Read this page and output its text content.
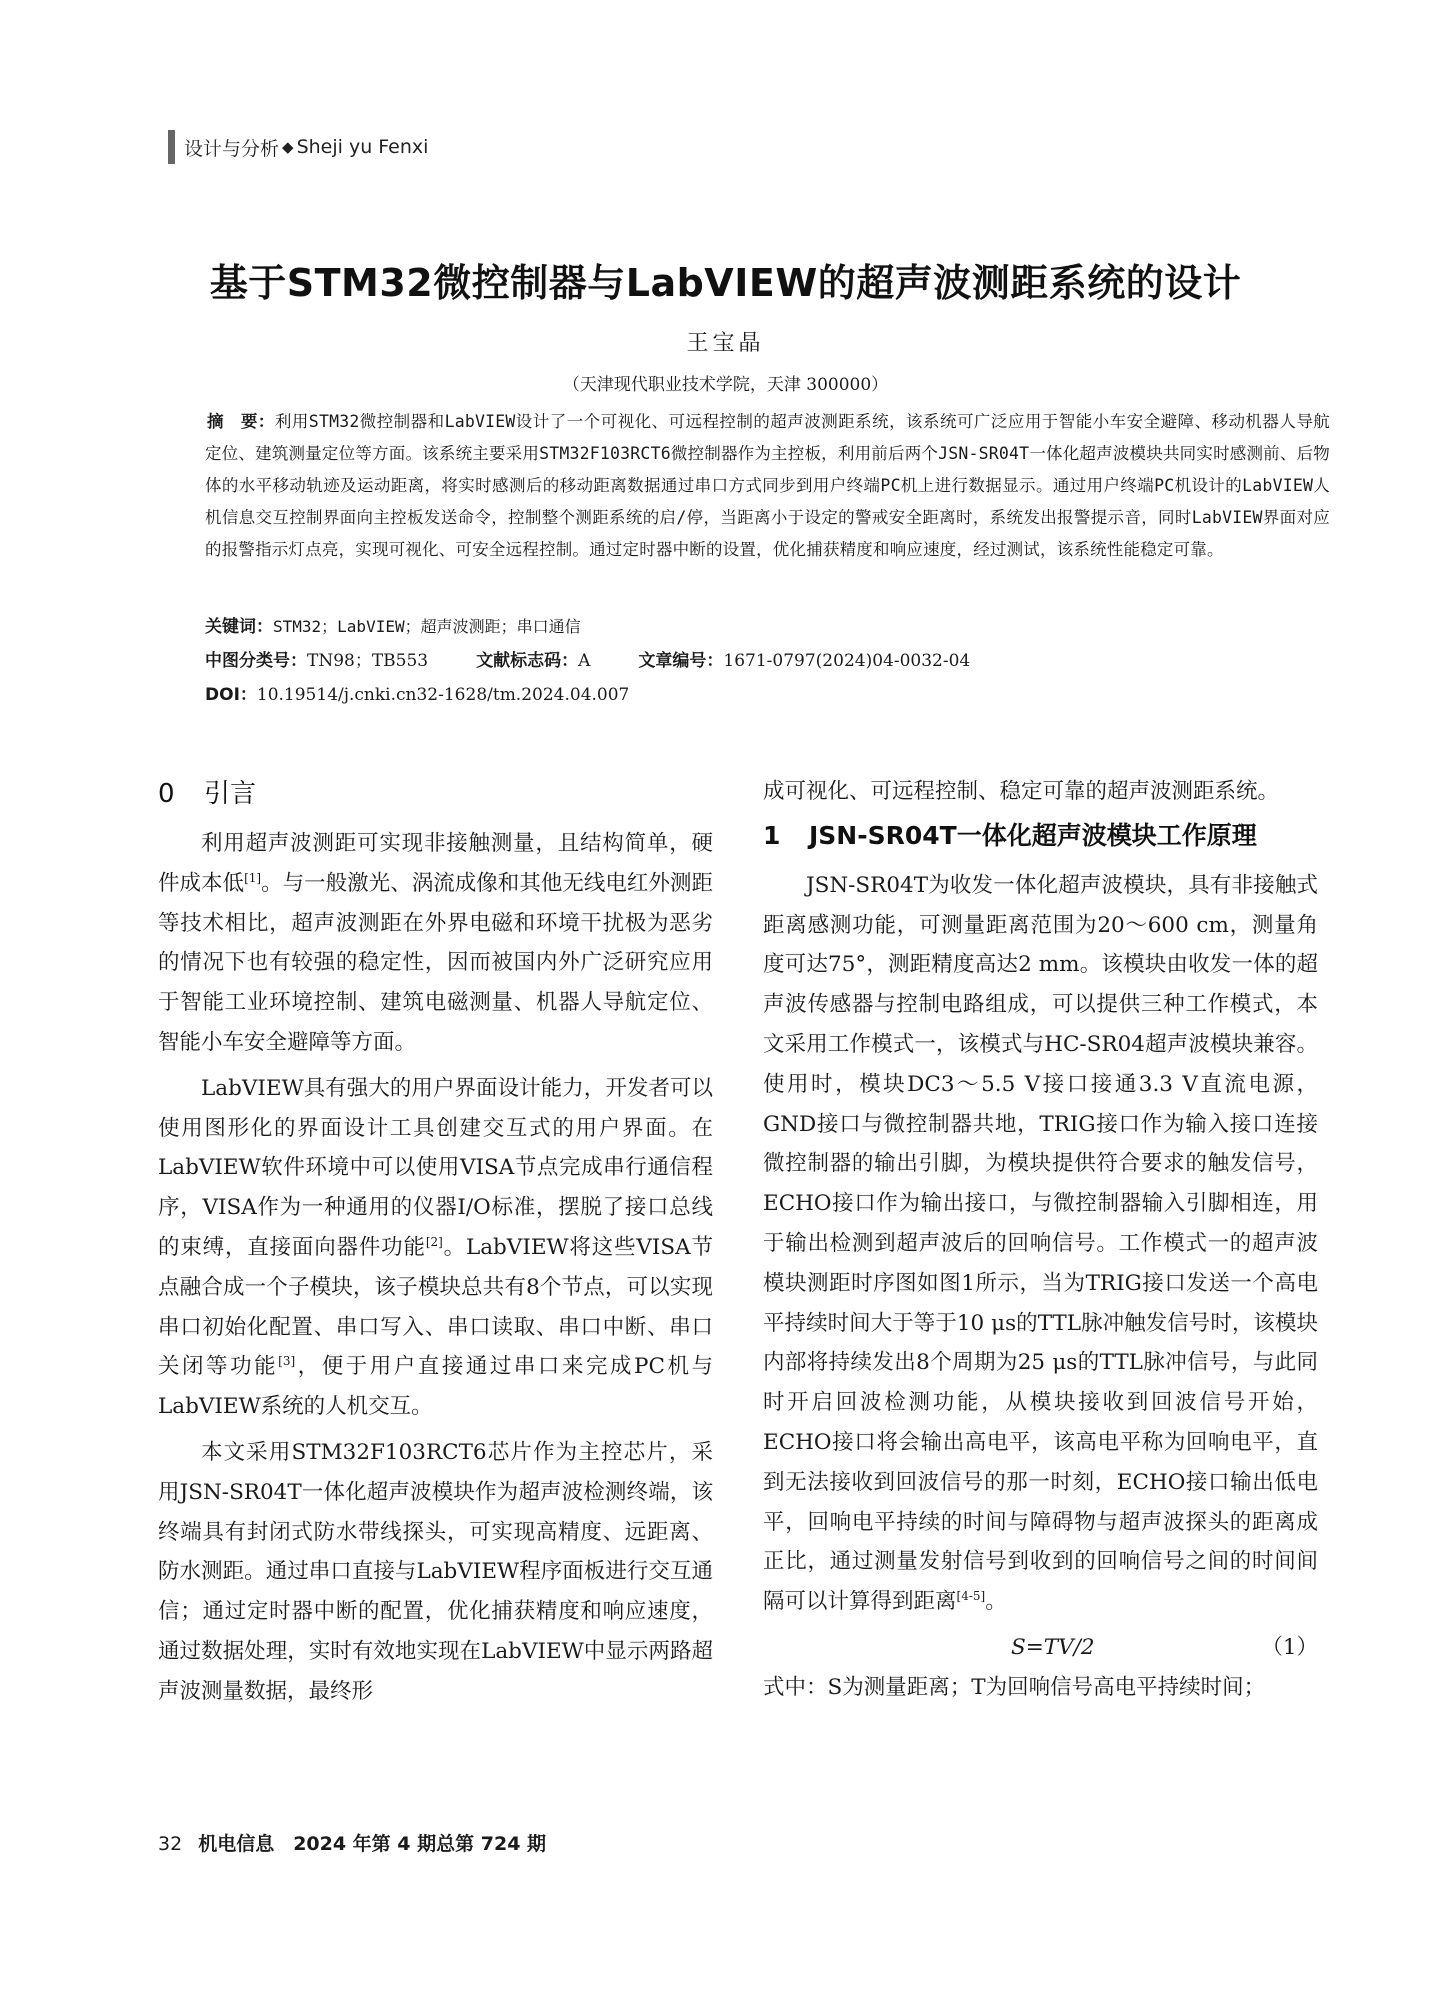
设计与分析 ◆ Sheji yu Fenxi
基于STM32微控制器与LabVIEW的超声波测距系统的设计
王宝晶
（天津现代职业技术学院，天津 300000）
摘　要：利用STM32微控制器和LabVIEW设计了一个可视化、可远程控制的超声波测距系统，该系统可广泛应用于智能小车安全避障、移动机器人导航定位、建筑测量定位等方面。该系统主要采用STM32F103RCT6微控制器作为主控板，利用前后两个JSN-SR04T一体化超声波模块共同实时感测前、后物体的水平移动轨迹及运动距离，将实时感测后的移动距离数据通过串口方式同步到用户终端PC机上进行数据显示。通过用户终端PC机设计的LabVIEW人机信息交互控制界面向主控板发送命令，控制整个测距系统的启/停，当距离小于设定的警戒安全距离时，系统发出报警提示音，同时LabVIEW界面对应的报警指示灯点亮，实现可视化、可安全远程控制。通过定时器中断的设置，优化捕获精度和响应速度，经过测试，该系统性能稳定可靠。
关键词：STM32；LabVIEW；超声波测距；串口通信
中图分类号：TN98；TB553	文献标志码：A	文章编号：1671-0797(2024)04-0032-04
DOI：10.19514/j.cnki.cn32-1628/tm.2024.04.007
0 引言

利用超声波测距可实现非接触测量，且结构简单，硬件成本低[1]。与一般激光、涡流成像和其他无线电红外测距等技术相比，超声波测距在外界电磁和环境干扰极为恶劣的情况下也有较强的稳定性，因而被国内外广泛研究应用于智能工业环境控制、建筑电磁测量、机器人导航定位、智能小车安全避障等方面。

LabVIEW具有强大的用户界面设计能力，开发者可以使用图形化的界面设计工具创建交互式的用户界面。在LabVIEW软件环境中可以使用VISA节点完成串行通信程序，VISA作为一种通用的仪器I/O标准，摆脱了接口总线的束缚，直接面向器件功能[2]。LabVIEW将这些VISA节点融合成一个子模块，该子模块总共有8个节点，可以实现串口初始化配置、串口写入、串口读取、串口中断、串口关闭等功能[3]，便于用户直接通过串口来完成PC机与LabVIEW系统的人机交互。

本文采用STM32F103RCT6芯片作为主控芯片，采用JSN-SR04T一体化超声波模块作为超声波检测终端，该终端具有封闭式防水带线探头，可实现高精度、远距离、防水测距。通过串口直接与LabVIEW程序面板进行交互通信；通过定时器中断的配置，优化捕获精度和响应速度，通过数据处理，实时有效地实现在LabVIEW中显示两路超声波测量数据，最终形

成可视化、可远程控制、稳定可靠的超声波测距系统。

1 JSN-SR04T一体化超声波模块工作原理

JSN-SR04T为收发一体化超声波模块，具有非接触式距离感测功能，可测量距离范围为20～600 cm，测量角度可达75°，测距精度高达2 mm。该模块由收发一体的超声波传感器与控制电路组成，可以提供三种工作模式，本文采用工作模式一，该模式与HC-SR04超声波模块兼容。使用时，模块DC3～5.5 V接口接通3.3 V直流电源，GND接口与微控制器共地，TRIG接口作为输入接口连接微控制器的输出引脚，为模块提供符合要求的触发信号，ECHO接口作为输出接口，与微控制器输入引脚相连，用于输出检测到超声波后的回响信号。工作模式一的超声波模块测距时序图如图1所示，当为TRIG接口发送一个高电平持续时间大于等于10 μs的TTL脉冲触发信号时，该模块内部将持续发出8个周期为25 μs的TTL脉冲信号，与此同时开启回波检测功能，从模块接收到回波信号开始，ECHO接口将会输出高电平，该高电平称为回响电平，直到无法接收到回波信号的那一时刻，ECHO接口输出低电平，回响电平持续的时间与障碍物与超声波探头的距离成正比，通过测量发射信号到收到的回响信号之间的时间间隔可以计算得到距离[4-5]。

S=TV/2	（1）

式中：S为测量距离；T为回响信号高电平持续时间；

32 机电信息　2024 年第 4 期总第 724 期
